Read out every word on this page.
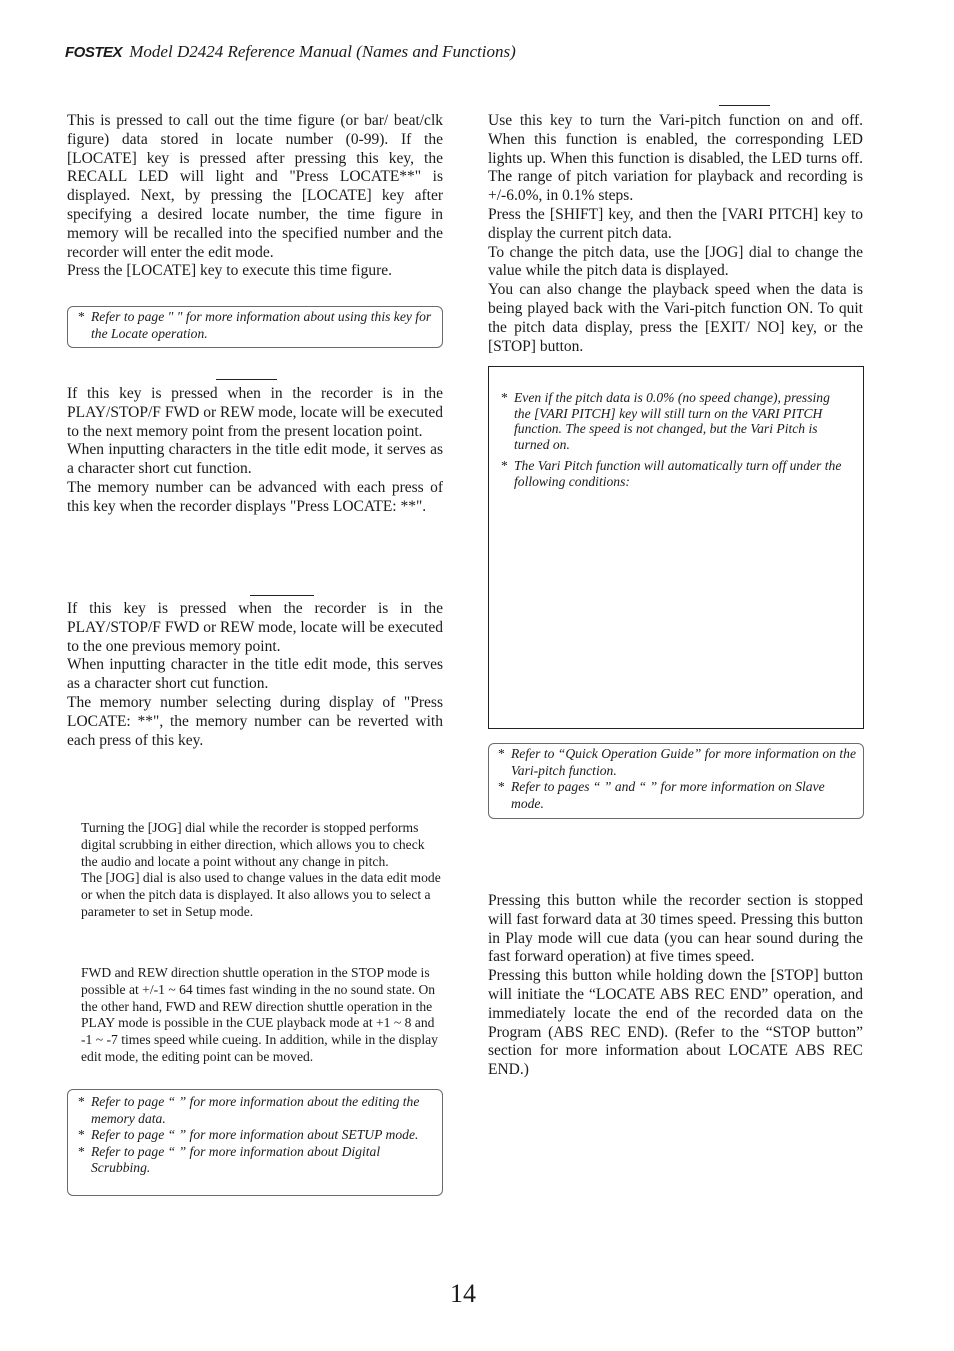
FOSTEX Model D2424 Reference Manual (Names and Functions)

This is pressed to call out the time figure (or bar/ beat/clk figure) data stored in locate number (0-99). If the [LOCATE] key is pressed after pressing this key, the RECALL LED will light and "Press LOCATE**" is displayed. Next, by pressing the [LOCATE] key after specifying a desired locate number, the time figure in memory will be recalled into the specified number and the recorder will enter the edit mode.

Press the [LOCATE] key to execute this time figure.

* Refer to page " " for more information about using this key for the Locate operation.

If this key is pressed when in the recorder is in the PLAY/STOP/F FWD or REW mode, locate will be executed to the next memory point from the present location point.

When inputting characters in the title edit mode, it serves as a character short cut function.

The memory number can be advanced with each press of this key when the recorder displays "Press LOCATE: **".

If this key is pressed when the recorder is in the PLAY/STOP/F FWD or REW mode, locate will be executed to the one previous memory point.

When inputting character in the title edit mode, this serves as a character short cut function.

The memory number selecting during display of "Press LOCATE: **", the memory number can be reverted with each press of this key.

Turning the [JOG] dial while the recorder is stopped performs digital scrubbing in either direction, which allows you to check the audio and locate a point without any change in pitch.

The [JOG] dial is also used to change values in the data edit mode or when the pitch data is displayed. It also allows you to select a parameter to set in Setup mode.

FWD and REW direction shuttle operation in the STOP mode is possible at +/-1 ~ 64 times fast winding in the no sound state. On the other hand, FWD and REW direction shuttle operation in the PLAY mode is possible in the CUE playback mode at +1 ~ 8 and -1 ~ -7 times speed while cueing. In addition, while in the display edit mode, the editing point can be moved.

* Refer to page “ ” for more information about the editing the memory data.
* Refer to page “ ” for more information about SETUP mode.
* Refer to page “ ” for more information about Digital Scrubbing.

Use this key to turn the Vari-pitch function on and off. When this function is enabled, the corresponding LED lights up. When this function is disabled, the LED turns off. The range of pitch variation for playback and recording is +/-6.0%, in 0.1% steps.

Press the [SHIFT] key, and then the [VARI PITCH] key to display the current pitch data.

To change the pitch data, use the [JOG] dial to change the value while the pitch data is displayed.

You can also change the playback speed when the data is being played back with the Vari-pitch function ON. To quit the pitch data display, press the [EXIT/ NO] key, or the [STOP] button.

* Even if the pitch data is 0.0% (no speed change), pressing the [VARI PITCH] key will still turn on the VARI PITCH function. The speed is not changed, but the Vari Pitch is turned on.
* The Vari Pitch function will automatically turn off under the following conditions:
* Refer to “Quick Operation Guide” for more information on the Vari-pitch function.
* Refer to pages “ ” and “ ” for more information on Slave mode.

Pressing this button while the recorder section is stopped will fast forward data at 30 times speed. Pressing this button in Play mode will cue data (you can hear sound during the fast forward operation) at five times speed.

Pressing this button while holding down the [STOP] button will initiate the “LOCATE ABS REC END” operation, and immediately locate the end of the recorded data on the Program (ABS REC END). (Refer to the “STOP button” section for more information about LOCATE ABS REC END.)

14
